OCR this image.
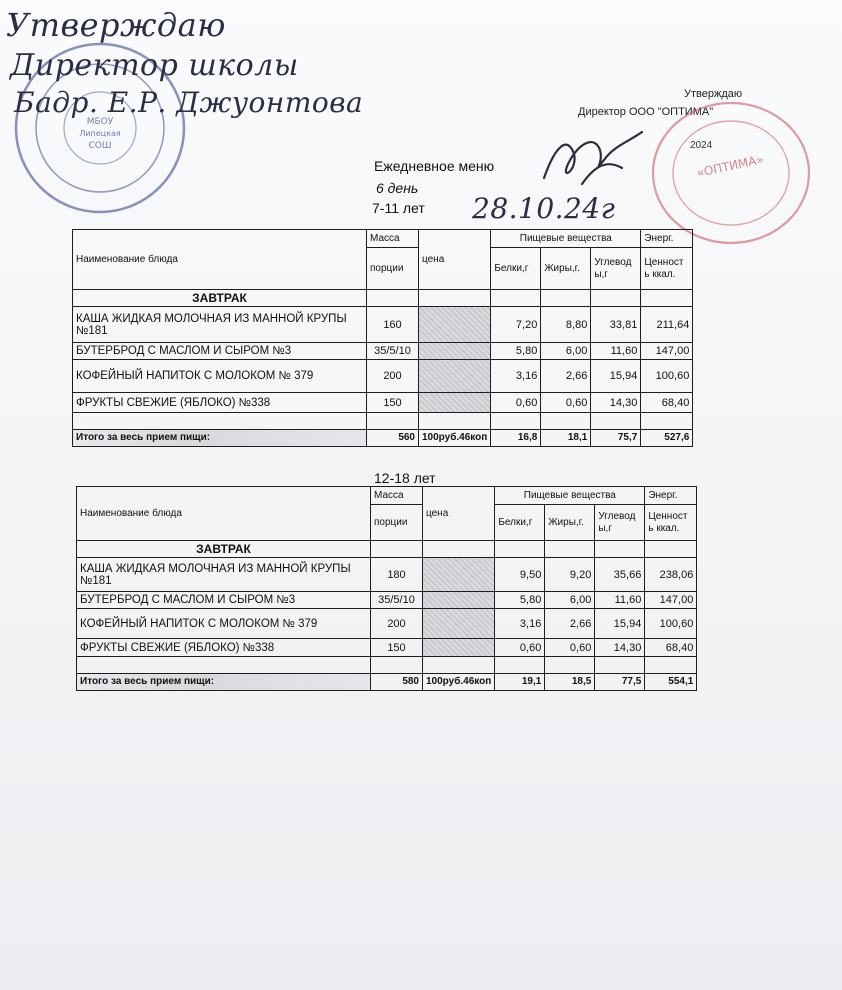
МБОУ
Липецкая
СОШ
Утверждаю
Директор школы
Бадр. Е.Р. Джуонтова	Утверждаю
Директор ООО "ОПТИМА"
2024
«ОПТИМА»
Ежедневное меню
6 день
7-11 лет 28.10.24г
Наименование блюда	Масса	цена	Пищевые вещества			Энерг.
	порции		Белки,г	Жиры,г.	Углевод
ы,г	Ценност
ь ккал.
ЗАВТРАК						
КАША ЖИДКАЯ МОЛОЧНАЯ ИЗ МАННОЙ КРУПЫ №181	160		7,20	8,80	33,81	211,64
БУТЕРБРОД С МАСЛОМ И СЫРОМ №3	35/5/10		5,80	6,00	11,60	147,00
КОФЕЙНЫЙ НАПИТОК С МОЛОКОМ № 379	200		3,16	2,66	15,94	100,60
ФРУКТЫ СВЕЖИЕ (ЯБЛОКО) №338	150		0,60	0,60	14,30	68,40

Итого за весь прием пищи:	560	100руб.46коп	16,8	18,1	75,7	527,6
12-18 лет
Наименование блюда	Масса	цена	Пищевые вещества			Энерг.
	порции		Белки,г	Жиры,г.	Углевод
ы,г	Ценност
ь ккал.
ЗАВТРАК						
КАША ЖИДКАЯ МОЛОЧНАЯ ИЗ МАННОЙ КРУПЫ №181	180		9,50	9,20	35,66	238,06
БУТЕРБРОД С МАСЛОМ И СЫРОМ №3	35/5/10		5,80	6,00	11,60	147,00
КОФЕЙНЫЙ НАПИТОК С МОЛОКОМ № 379	200		3,16	2,66	15,94	100,60
ФРУКТЫ СВЕЖИЕ (ЯБЛОКО) №338	150		0,60	0,60	14,30	68,40

Итого за весь прием пищи:	580	100руб.46коп	19,1	18,5	77,5	554,1
